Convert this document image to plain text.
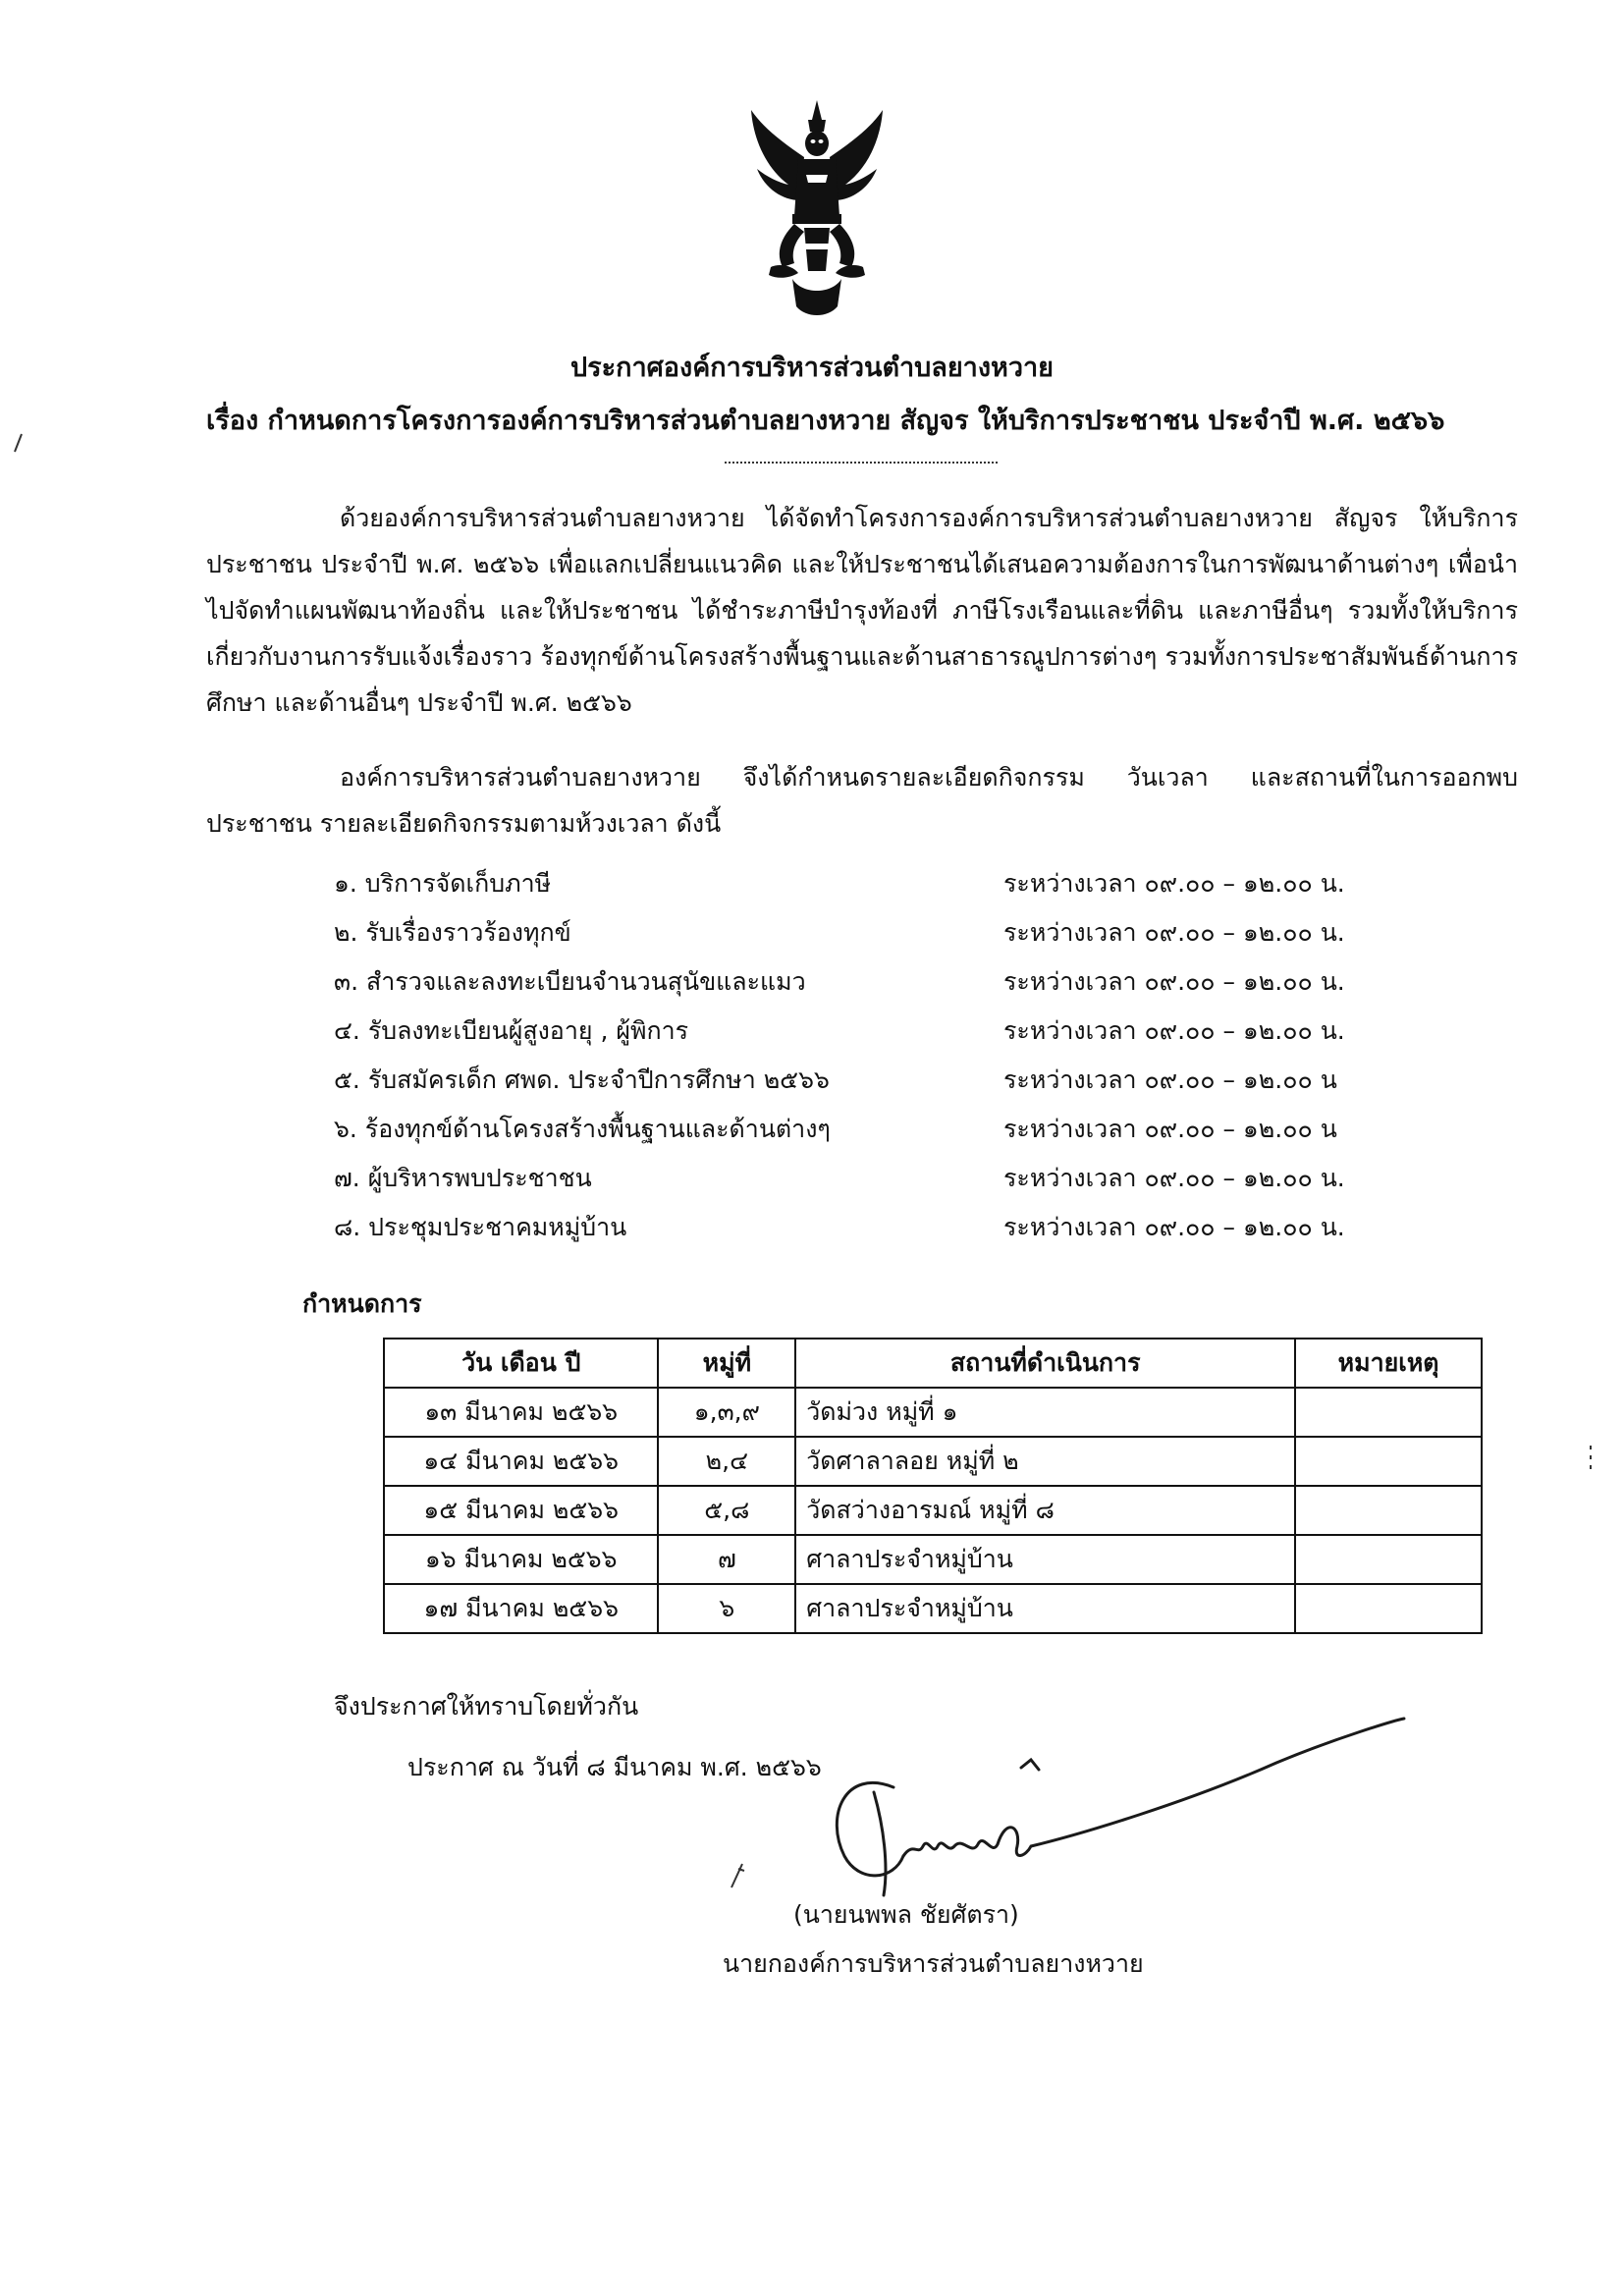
ประกาศองค์การบริหารส่วนตำบลยางหวาย
เรื่อง กำหนดการโครงการองค์การบริหารส่วนตำบลยางหวาย สัญจร ให้บริการประชาชน ประจำปี พ.ศ. ๒๕๖๖

ด้วยองค์การบริหารส่วนตำบลยางหวาย ได้จัดทำโครงการองค์การบริหารส่วนตำบลยางหวาย สัญจร ให้บริการประชาชน ประจำปี พ.ศ. ๒๕๖๖ เพื่อแลกเปลี่ยนแนวคิด และให้ประชาชนได้เสนอความต้องการในการพัฒนาด้านต่างๆ เพื่อนำไปจัดทำแผนพัฒนาท้องถิ่น และให้ประชาชน ได้ชำระภาษีบำรุงท้องที่ ภาษีโรงเรือนและที่ดิน และภาษีอื่นๆ รวมทั้งให้บริการเกี่ยวกับงานการรับแจ้งเรื่องราว ร้องทุกข์ด้านโครงสร้างพื้นฐานและด้านสาธารณูปการต่างๆ รวมทั้งการประชาสัมพันธ์ด้านการศึกษา และด้านอื่นๆ ประจำปี พ.ศ. ๒๕๖๖

องค์การบริหารส่วนตำบลยางหวาย จึงได้กำหนดรายละเอียดกิจกรรม วันเวลา และสถานที่ในการออกพบประชาชน รายละเอียดกิจกรรมตามห้วงเวลา ดังนี้

๑. บริการจัดเก็บภาษี	ระหว่างเวลา ๐๙.๐๐ – ๑๒.๐๐ น.
๒. รับเรื่องราวร้องทุกข์	ระหว่างเวลา ๐๙.๐๐ – ๑๒.๐๐ น.
๓. สำรวจและลงทะเบียนจำนวนสุนัขและแมว	ระหว่างเวลา ๐๙.๐๐ – ๑๒.๐๐ น.
๔. รับลงทะเบียนผู้สูงอายุ , ผู้พิการ	ระหว่างเวลา ๐๙.๐๐ – ๑๒.๐๐ น.
๕. รับสมัครเด็ก ศพด. ประจำปีการศึกษา ๒๕๖๖	ระหว่างเวลา ๐๙.๐๐ – ๑๒.๐๐ น
๖. ร้องทุกข์ด้านโครงสร้างพื้นฐานและด้านต่างๆ	ระหว่างเวลา ๐๙.๐๐ – ๑๒.๐๐ น
๗. ผู้บริหารพบประชาชน	ระหว่างเวลา ๐๙.๐๐ – ๑๒.๐๐ น.
๘. ประชุมประชาคมหมู่บ้าน	ระหว่างเวลา ๐๙.๐๐ – ๑๒.๐๐ น.
กำหนดการ
วัน เดือน ปี	หมู่ที่	สถานที่ดำเนินการ	หมายเหตุ
๑๓ มีนาคม ๒๕๖๖	๑,๓,๙	วัดม่วง หมู่ที่ ๑	
๑๔ มีนาคม ๒๕๖๖	๒,๔	วัดศาลาลอย หมู่ที่ ๒	
๑๕ มีนาคม ๒๕๖๖	๕,๘	วัดสว่างอารมณ์ หมู่ที่ ๘	
๑๖ มีนาคม ๒๕๖๖	๗	ศาลาประจำหมู่บ้าน	
๑๗ มีนาคม ๒๕๖๖	๖	ศาลาประจำหมู่บ้าน	
จึงประกาศให้ทราบโดยทั่วกัน
ประกาศ ณ วันที่ ๘ มีนาคม พ.ศ. ๒๕๖๖
(นายนพพล ชัยศัตรา)
นายกองค์การบริหารส่วนตำบลยางหวาย
